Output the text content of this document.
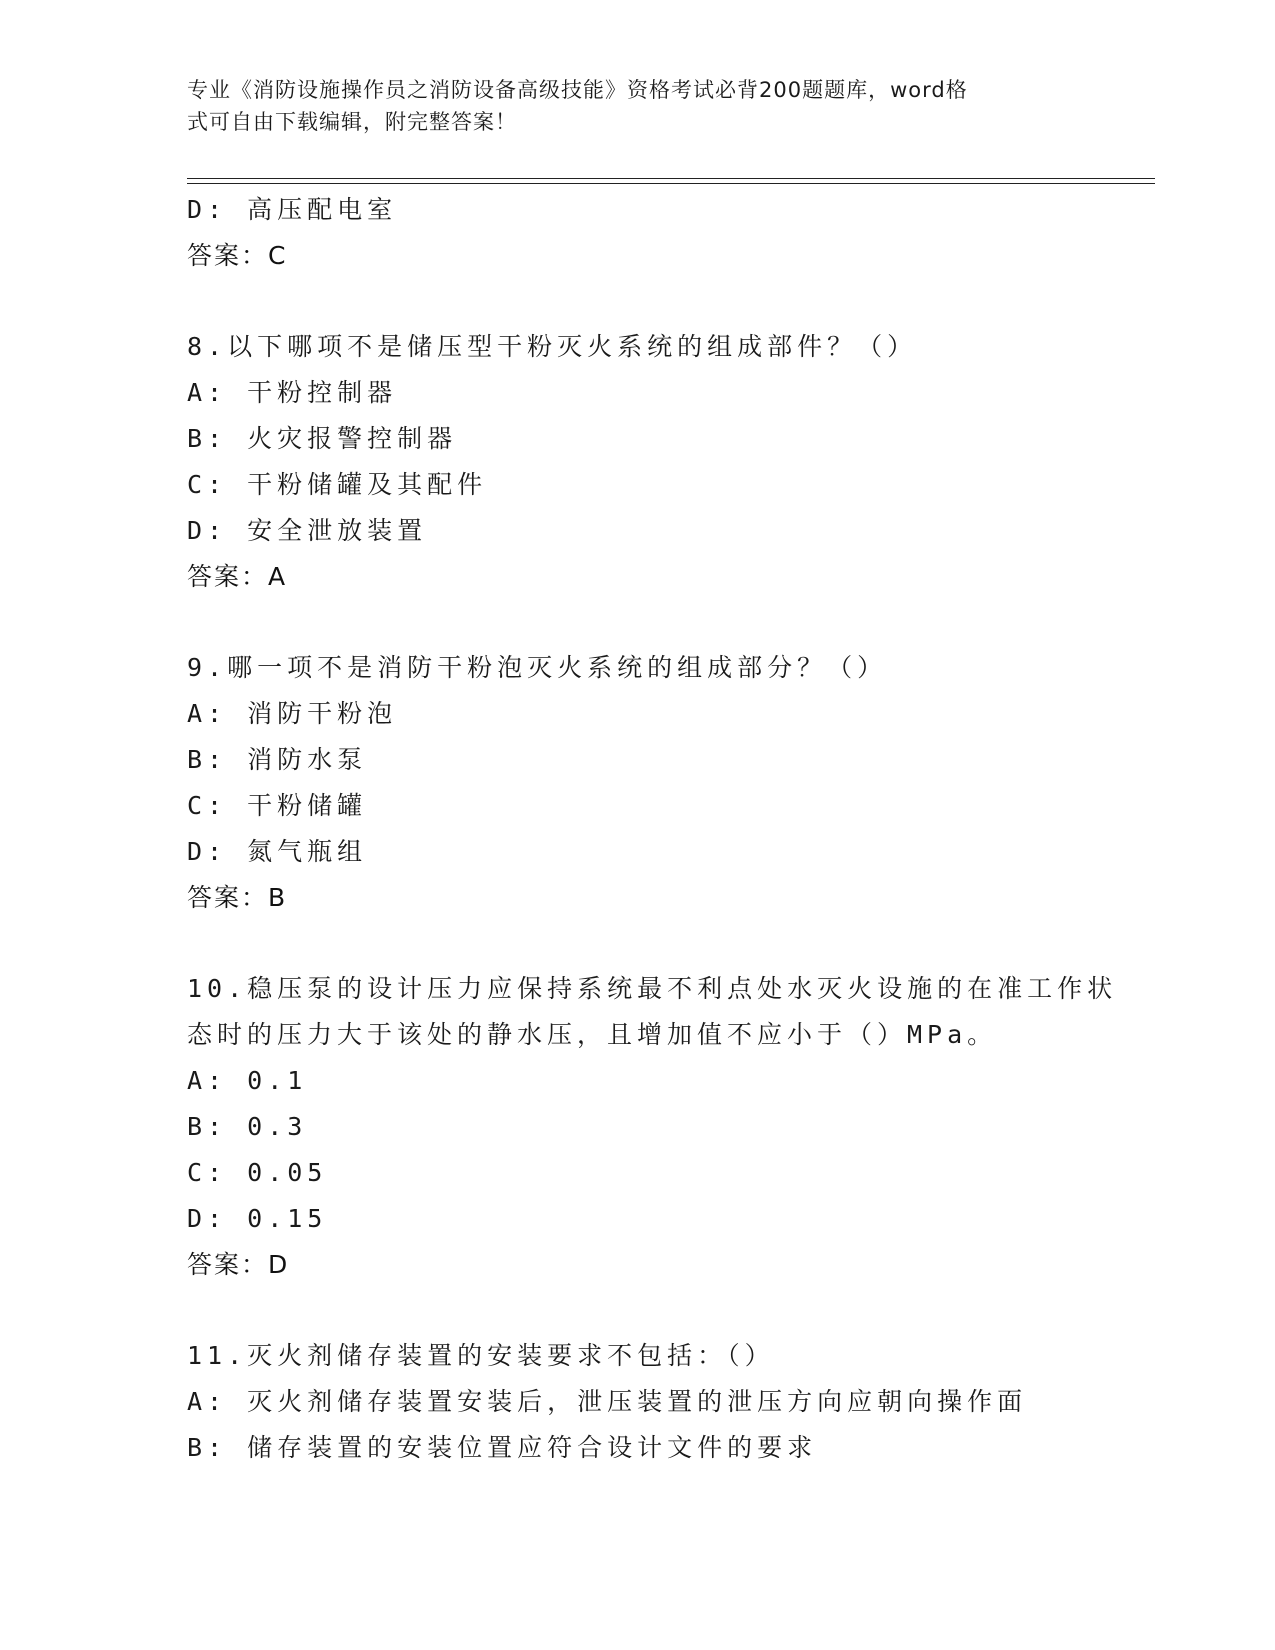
专业《消防设施操作员之消防设备高级技能》资格考试必背200题题库，word格
式可自由下载编辑，附完整答案！
D: 高压配电室
答案：C
8.以下哪项不是储压型干粉灭火系统的组成部件？（）
A: 干粉控制器
B: 火灾报警控制器
C: 干粉储罐及其配件
D: 安全泄放装置
答案：A
9.哪一项不是消防干粉泡灭火系统的组成部分？（）
A: 消防干粉泡
B: 消防水泵
C: 干粉储罐
D: 氮气瓶组
答案：B
10.稳压泵的设计压力应保持系统最不利点处水灭火设施的在准工作状
态时的压力大于该处的静水压，且增加值不应小于（）MPa。
A: 0.1
B: 0.3
C: 0.05
D: 0.15
答案：D
11.灭火剂储存装置的安装要求不包括：（）
A: 灭火剂储存装置安装后，泄压装置的泄压方向应朝向操作面
B: 储存装置的安装位置应符合设计文件的要求
